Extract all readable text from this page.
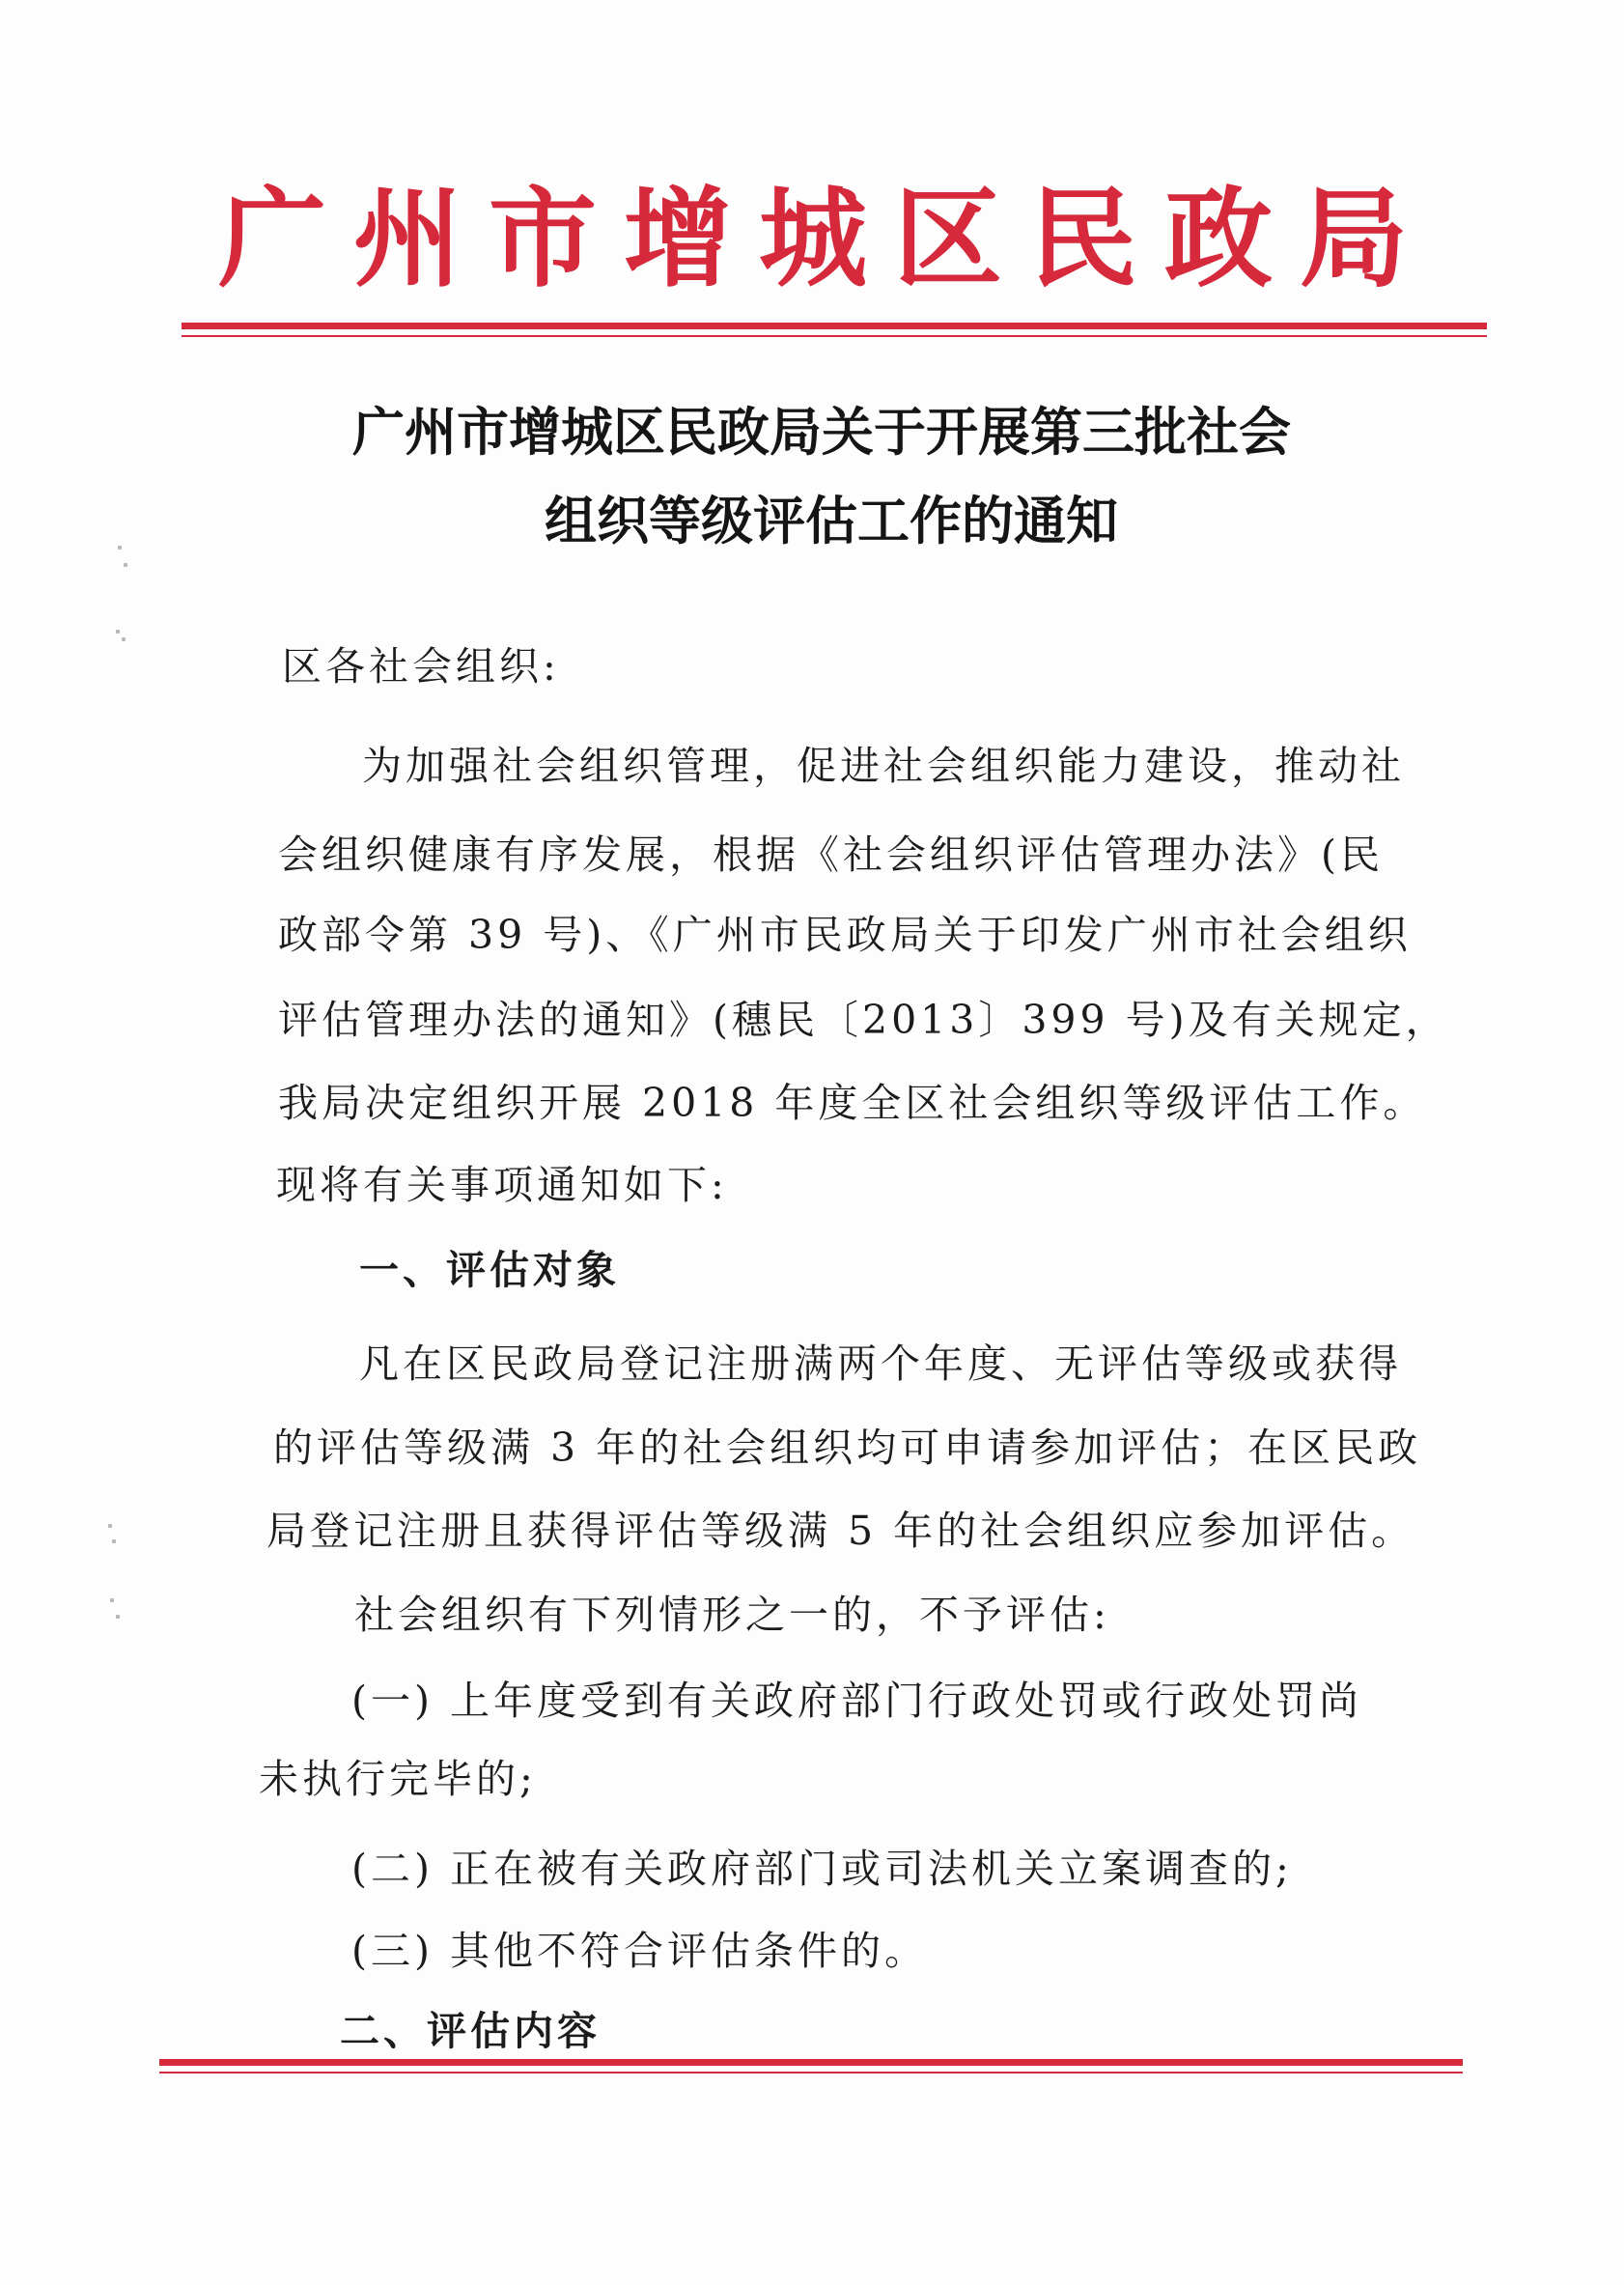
广州市增城区民政局
广州市增城区民政局关于开展第三批社会
组织等级评估工作的通知
区各社会组织:
为加强社会组织管理，促进社会组织能力建设，推动社
会组织健康有序发展，根据《社会组织评估管理办法》(民
政部令第 39 号)、《广州市民政局关于印发广州市社会组织
评估管理办法的通知》(穗民〔2013〕399 号)及有关规定，
我局决定组织开展 2018 年度全区社会组织等级评估工作。
现将有关事项通知如下:
一、评估对象
凡在区民政局登记注册满两个年度、无评估等级或获得
的评估等级满 3 年的社会组织均可申请参加评估；在区民政
局登记注册且获得评估等级满 5 年的社会组织应参加评估。
社会组织有下列情形之一的，不予评估:
(一) 上年度受到有关政府部门行政处罚或行政处罚尚
未执行完毕的;
(二) 正在被有关政府部门或司法机关立案调查的;
(三) 其他不符合评估条件的。
二、评估内容
